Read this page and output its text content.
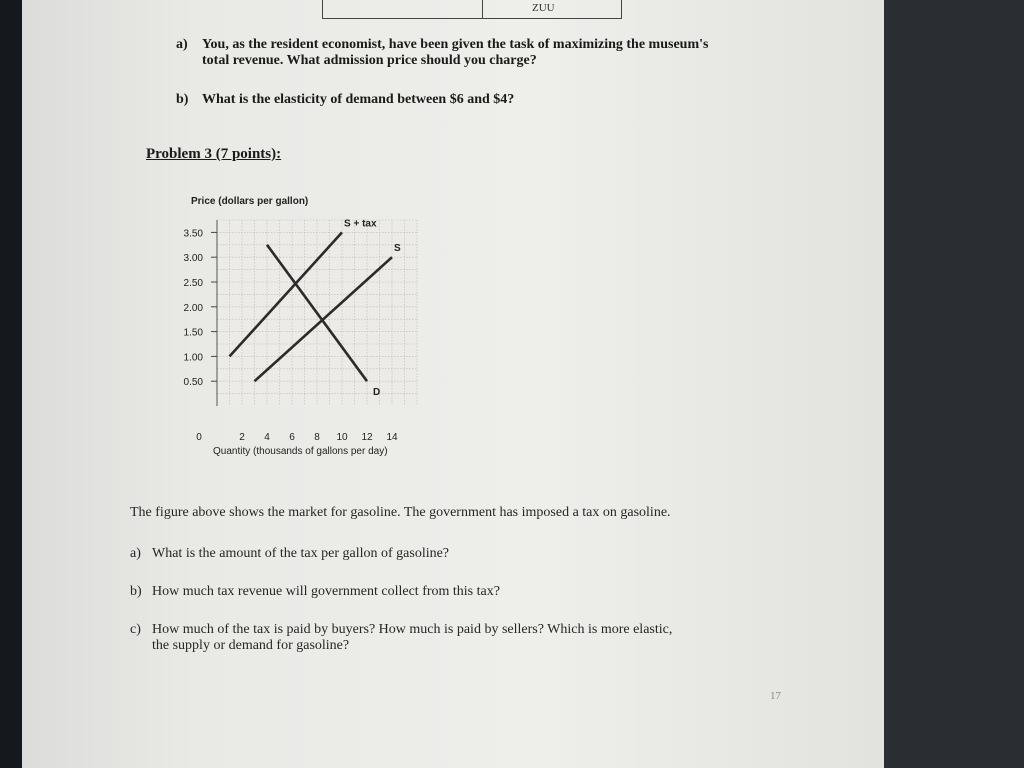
ZUU
a) You, as the resident economist, have been given the task of maximizing the museum's
total revenue. What admission price should you charge?
b) What is the elasticity of demand between $6 and $4?
Problem 3 (7 points):
3.50
3.00
2.50
2.00
1.50
1.00
0.50
2 4 6 8 10 12 14
0
Price (dollars per gallon)
Quantity (thousands of gallons per day)
S + tax
S
D
The figure above shows the market for gasoline. The government has imposed a tax on gasoline.
a) What is the amount of the tax per gallon of gasoline?
b) How much tax revenue will government collect from this tax?
c) How much of the tax is paid by buyers? How much is paid by sellers? Which is more elastic,
the supply or demand for gasoline?
17
